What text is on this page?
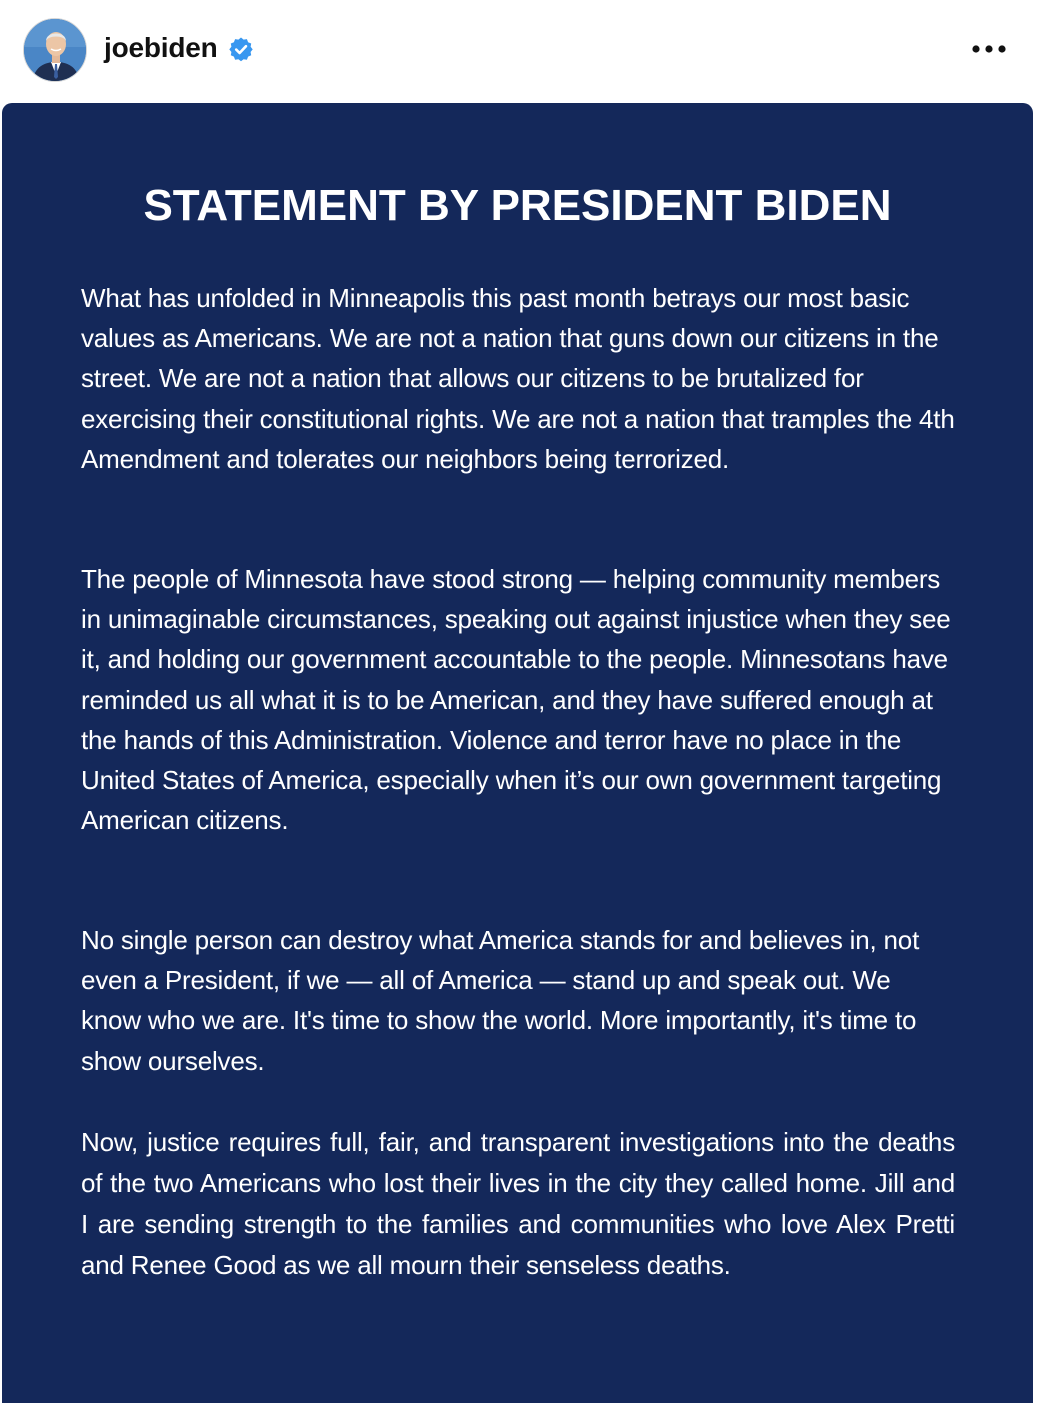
joebiden
STATEMENT BY PRESIDENT BIDEN

What has unfolded in Minneapolis this past month betrays our most basic values as Americans. We are not a nation that guns down our citizens in the street. We are not a nation that allows our citizens to be brutalized for exercising their constitutional rights. We are not a nation that tramples the 4th Amendment and tolerates our neighbors being terrorized.

The people of Minnesota have stood strong — helping community members in unimaginable circumstances, speaking out against injustice when they see it, and holding our government accountable to the people. Minnesotans have reminded us all what it is to be American, and they have suffered enough at the hands of this Administration. Violence and terror have no place in the United States of America, especially when it’s our own government targeting American citizens.

No single person can destroy what America stands for and believes in, not even a President, if we — all of America — stand up and speak out. We know who we are. It's time to show the world. More importantly, it's time to show ourselves.

Now, justice requires full, fair, and transparent investigations into the deaths of the two Americans who lost their lives in the city they called home. Jill and I are sending strength to the families and communities who love Alex Pretti and Renee Good as we all mourn their senseless deaths.
